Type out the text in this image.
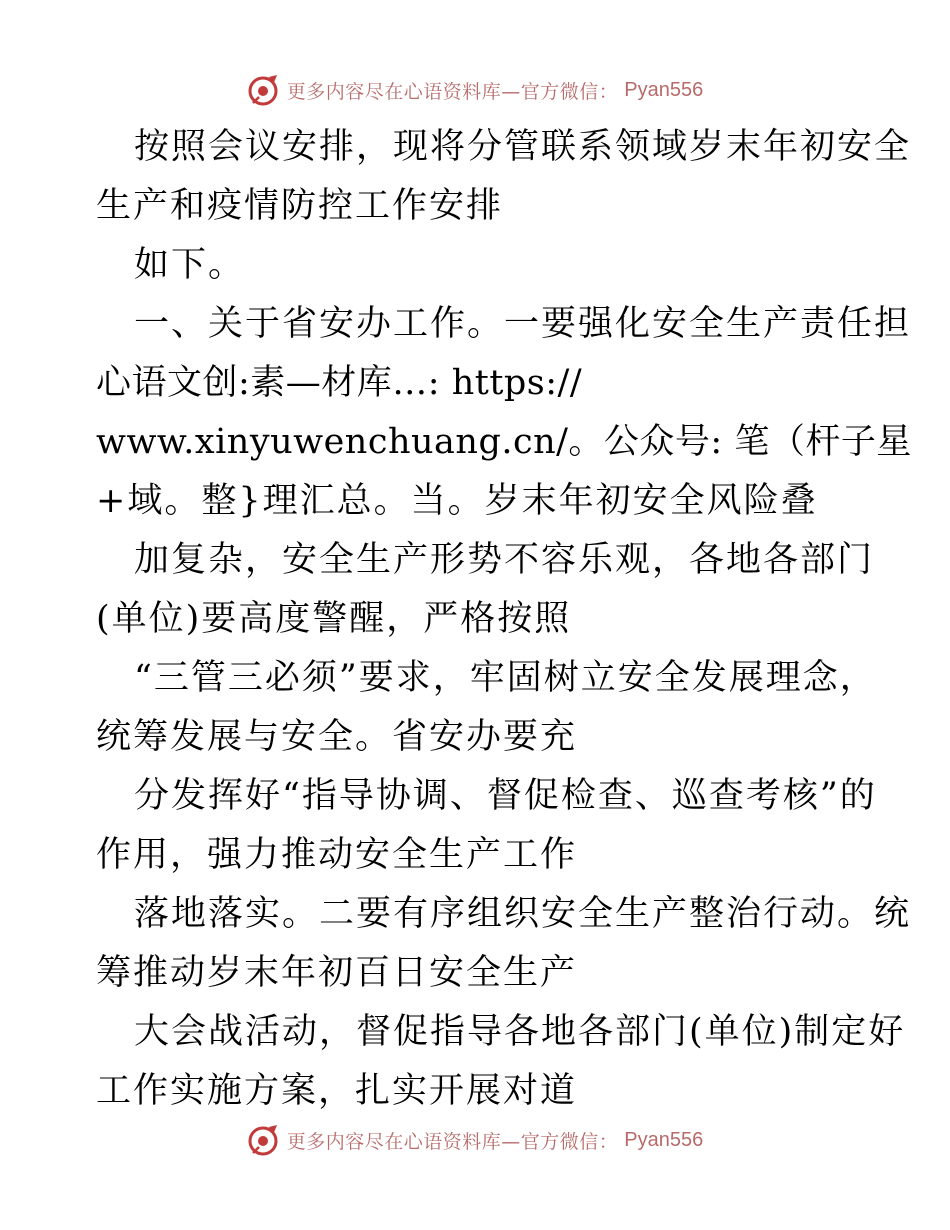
更多内容尽在心语资料库—官方微信： Pyan556
按照会议安排，现将分管联系领域岁末年初安全
生产和疫情防控工作安排
如下。
一、关于省安办工作。一要强化安全生产责任担
心语文创:素—材库…: https://
www.xinyuwenchuang.cn/。公众号: 笔（杆子星
+域。整}理汇总。当。岁末年初安全风险叠
加复杂，安全生产形势不容乐观，各地各部门
(单位)要高度警醒，严格按照
“三管三必须”要求，牢固树立安全发展理念，
统筹发展与安全。省安办要充
分发挥好“指导协调、督促检查、巡查考核”的
作用，强力推动安全生产工作
落地落实。二要有序组织安全生产整治行动。统
筹推动岁末年初百日安全生产
大会战活动，督促指导各地各部门(单位)制定好
工作实施方案，扎实开展对道
更多内容尽在心语资料库—官方微信： Pyan556
